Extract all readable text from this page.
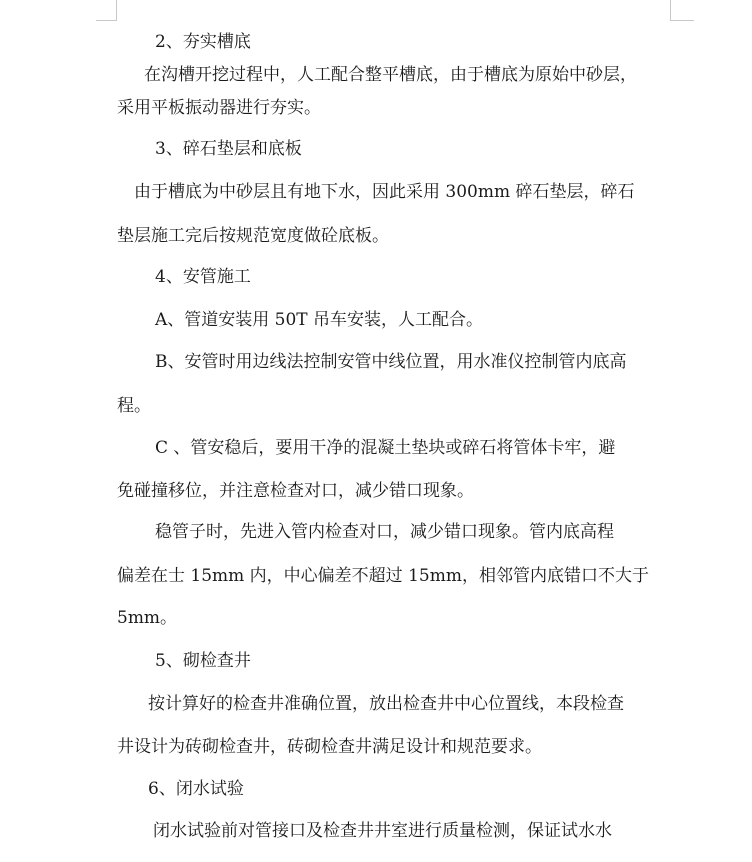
2、夯实槽底

在沟槽开挖过程中，人工配合整平槽底，由于槽底为原始中砂层，

采用平板振动器进行夯实。

3、碎石垫层和底板

由于槽底为中砂层且有地下水，因此采用 300mm 碎石垫层，碎石

垫层施工完后按规范宽度做砼底板。

4、安管施工

A、管道安装用 50T 吊车安装，人工配合。

B、安管时用边线法控制安管中线位置，用水准仪控制管内底高

程。

C 、管安稳后，要用干净的混凝土垫块或碎石将管体卡牢，避

免碰撞移位，并注意检查对口，减少错口现象。

稳管子时，先进入管内检查对口，减少错口现象。管内底高程

偏差在士 15mm 内，中心偏差不超过 15mm，相邻管内底错口不大于

5mm。

5、砌检查井

按计算好的检查井准确位置，放出检查井中心位置线，本段检查

井设计为砖砌检查井，砖砌检查井满足设计和规范要求。

6、闭水试验

闭水试验前对管接口及检查井井室进行质量检测，保证试水水
